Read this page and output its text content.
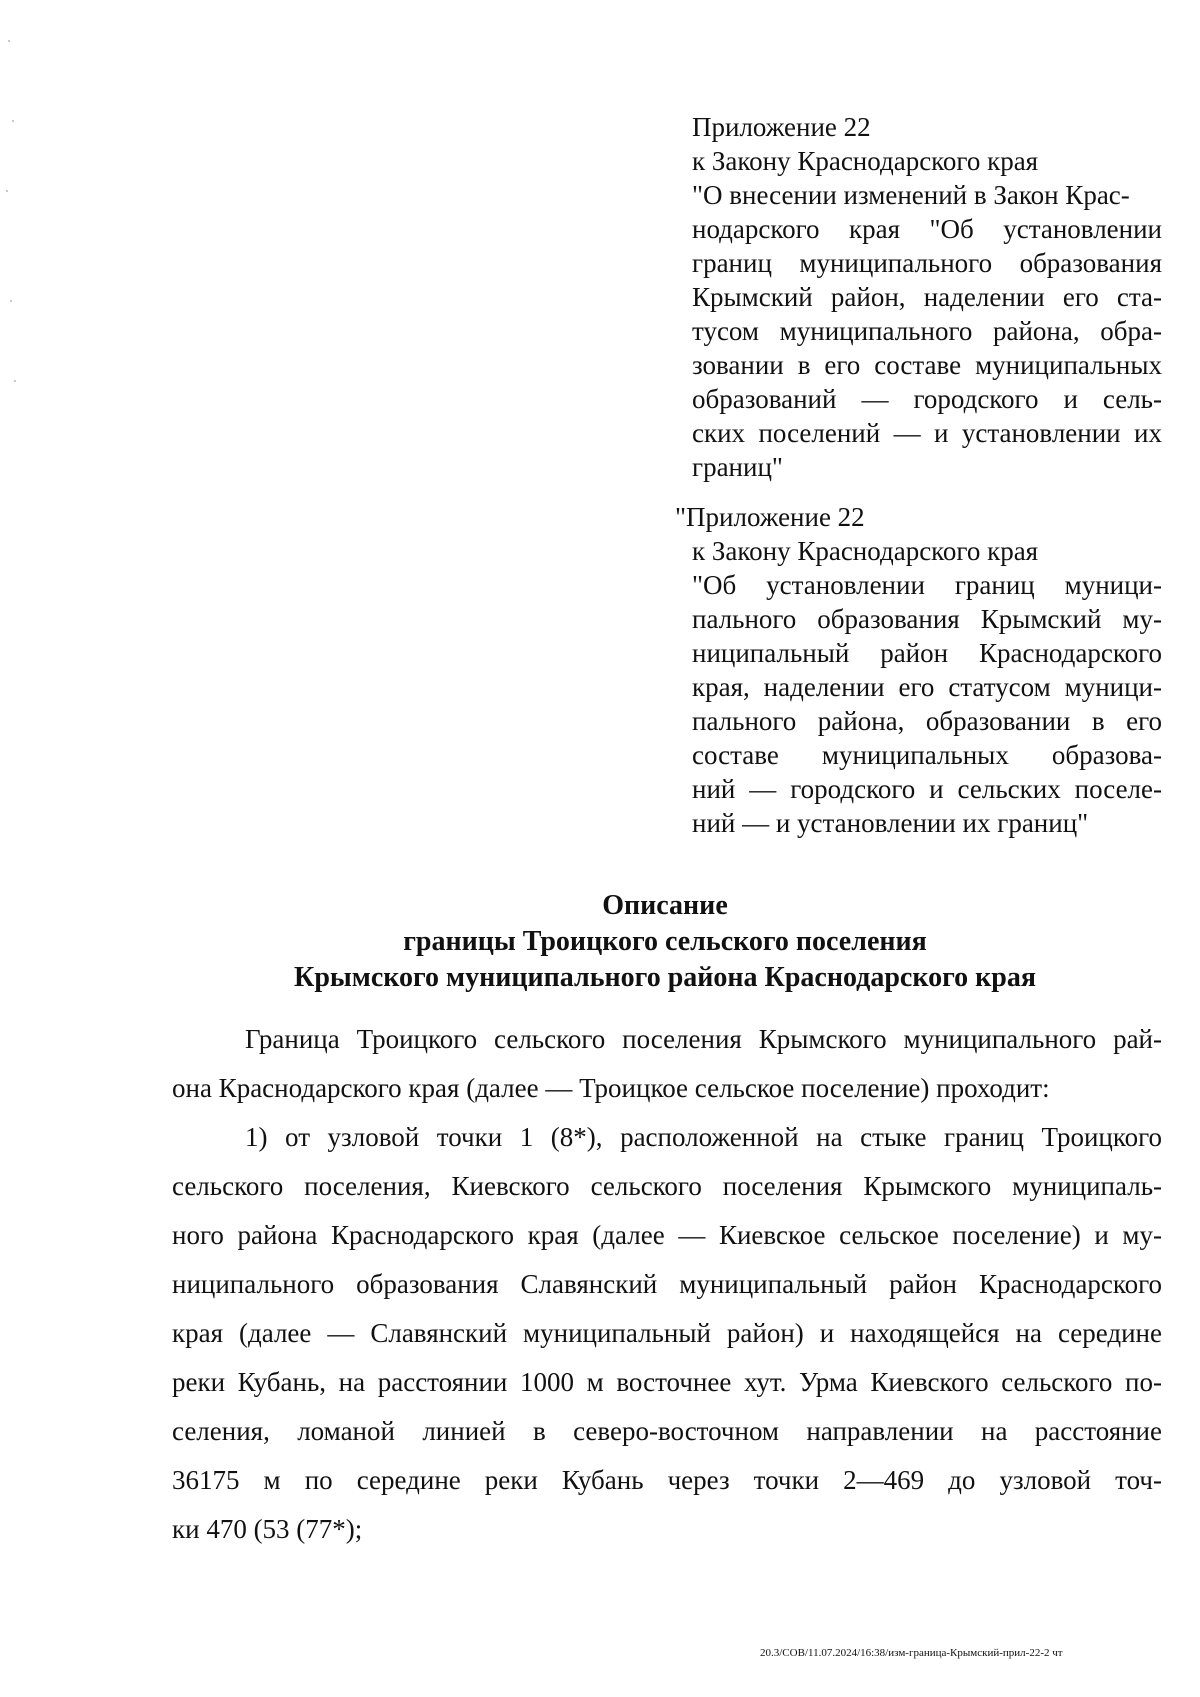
Приложение 22
к Закону Краснодарского края
"О внесении изменений в Закон Крас-
нодарского края "Об установлении
границ муниципального образования
Крымский район, наделении его ста-
тусом муниципального района, обра-
зовании в его составе муниципальных
образований — городского и сель-
ских поселений — и установлении их
границ"
"Приложение 22
к Закону Краснодарского края
"Об установлении границ муници-
пального образования Крымский му-
ниципальный район Краснодарского
края, наделении его статусом муници-
пального района, образовании в его
составе муниципальных образова-
ний — городского и сельских поселе-
ний — и установлении их границ"
Описание
границы Троицкого сельского поселения
Крымского муниципального района Краснодарского края
Граница Троицкого сельского поселения Крымского муниципального рай-
она Краснодарского края (далее — Троицкое сельское поселение) проходит:
1) от узловой точки 1 (8*), расположенной на стыке границ Троицкого
сельского поселения, Киевского сельского поселения Крымского муниципаль-
ного района Краснодарского края (далее — Киевское сельское поселение) и му-
ниципального образования Славянский муниципальный район Краснодарского
края (далее — Славянский муниципальный район) и находящейся на середине
реки Кубань, на расстоянии 1000 м восточнее хут. Урма Киевского сельского по-
селения, ломаной линией в северо-восточном направлении на расстояние
36175 м по середине реки Кубань через точки 2—469 до узловой точ-
ки 470 (53 (77*);
20.3/СОВ/11.07.2024/16:38/изм-граница-Крымский-прил-22-2 чт
